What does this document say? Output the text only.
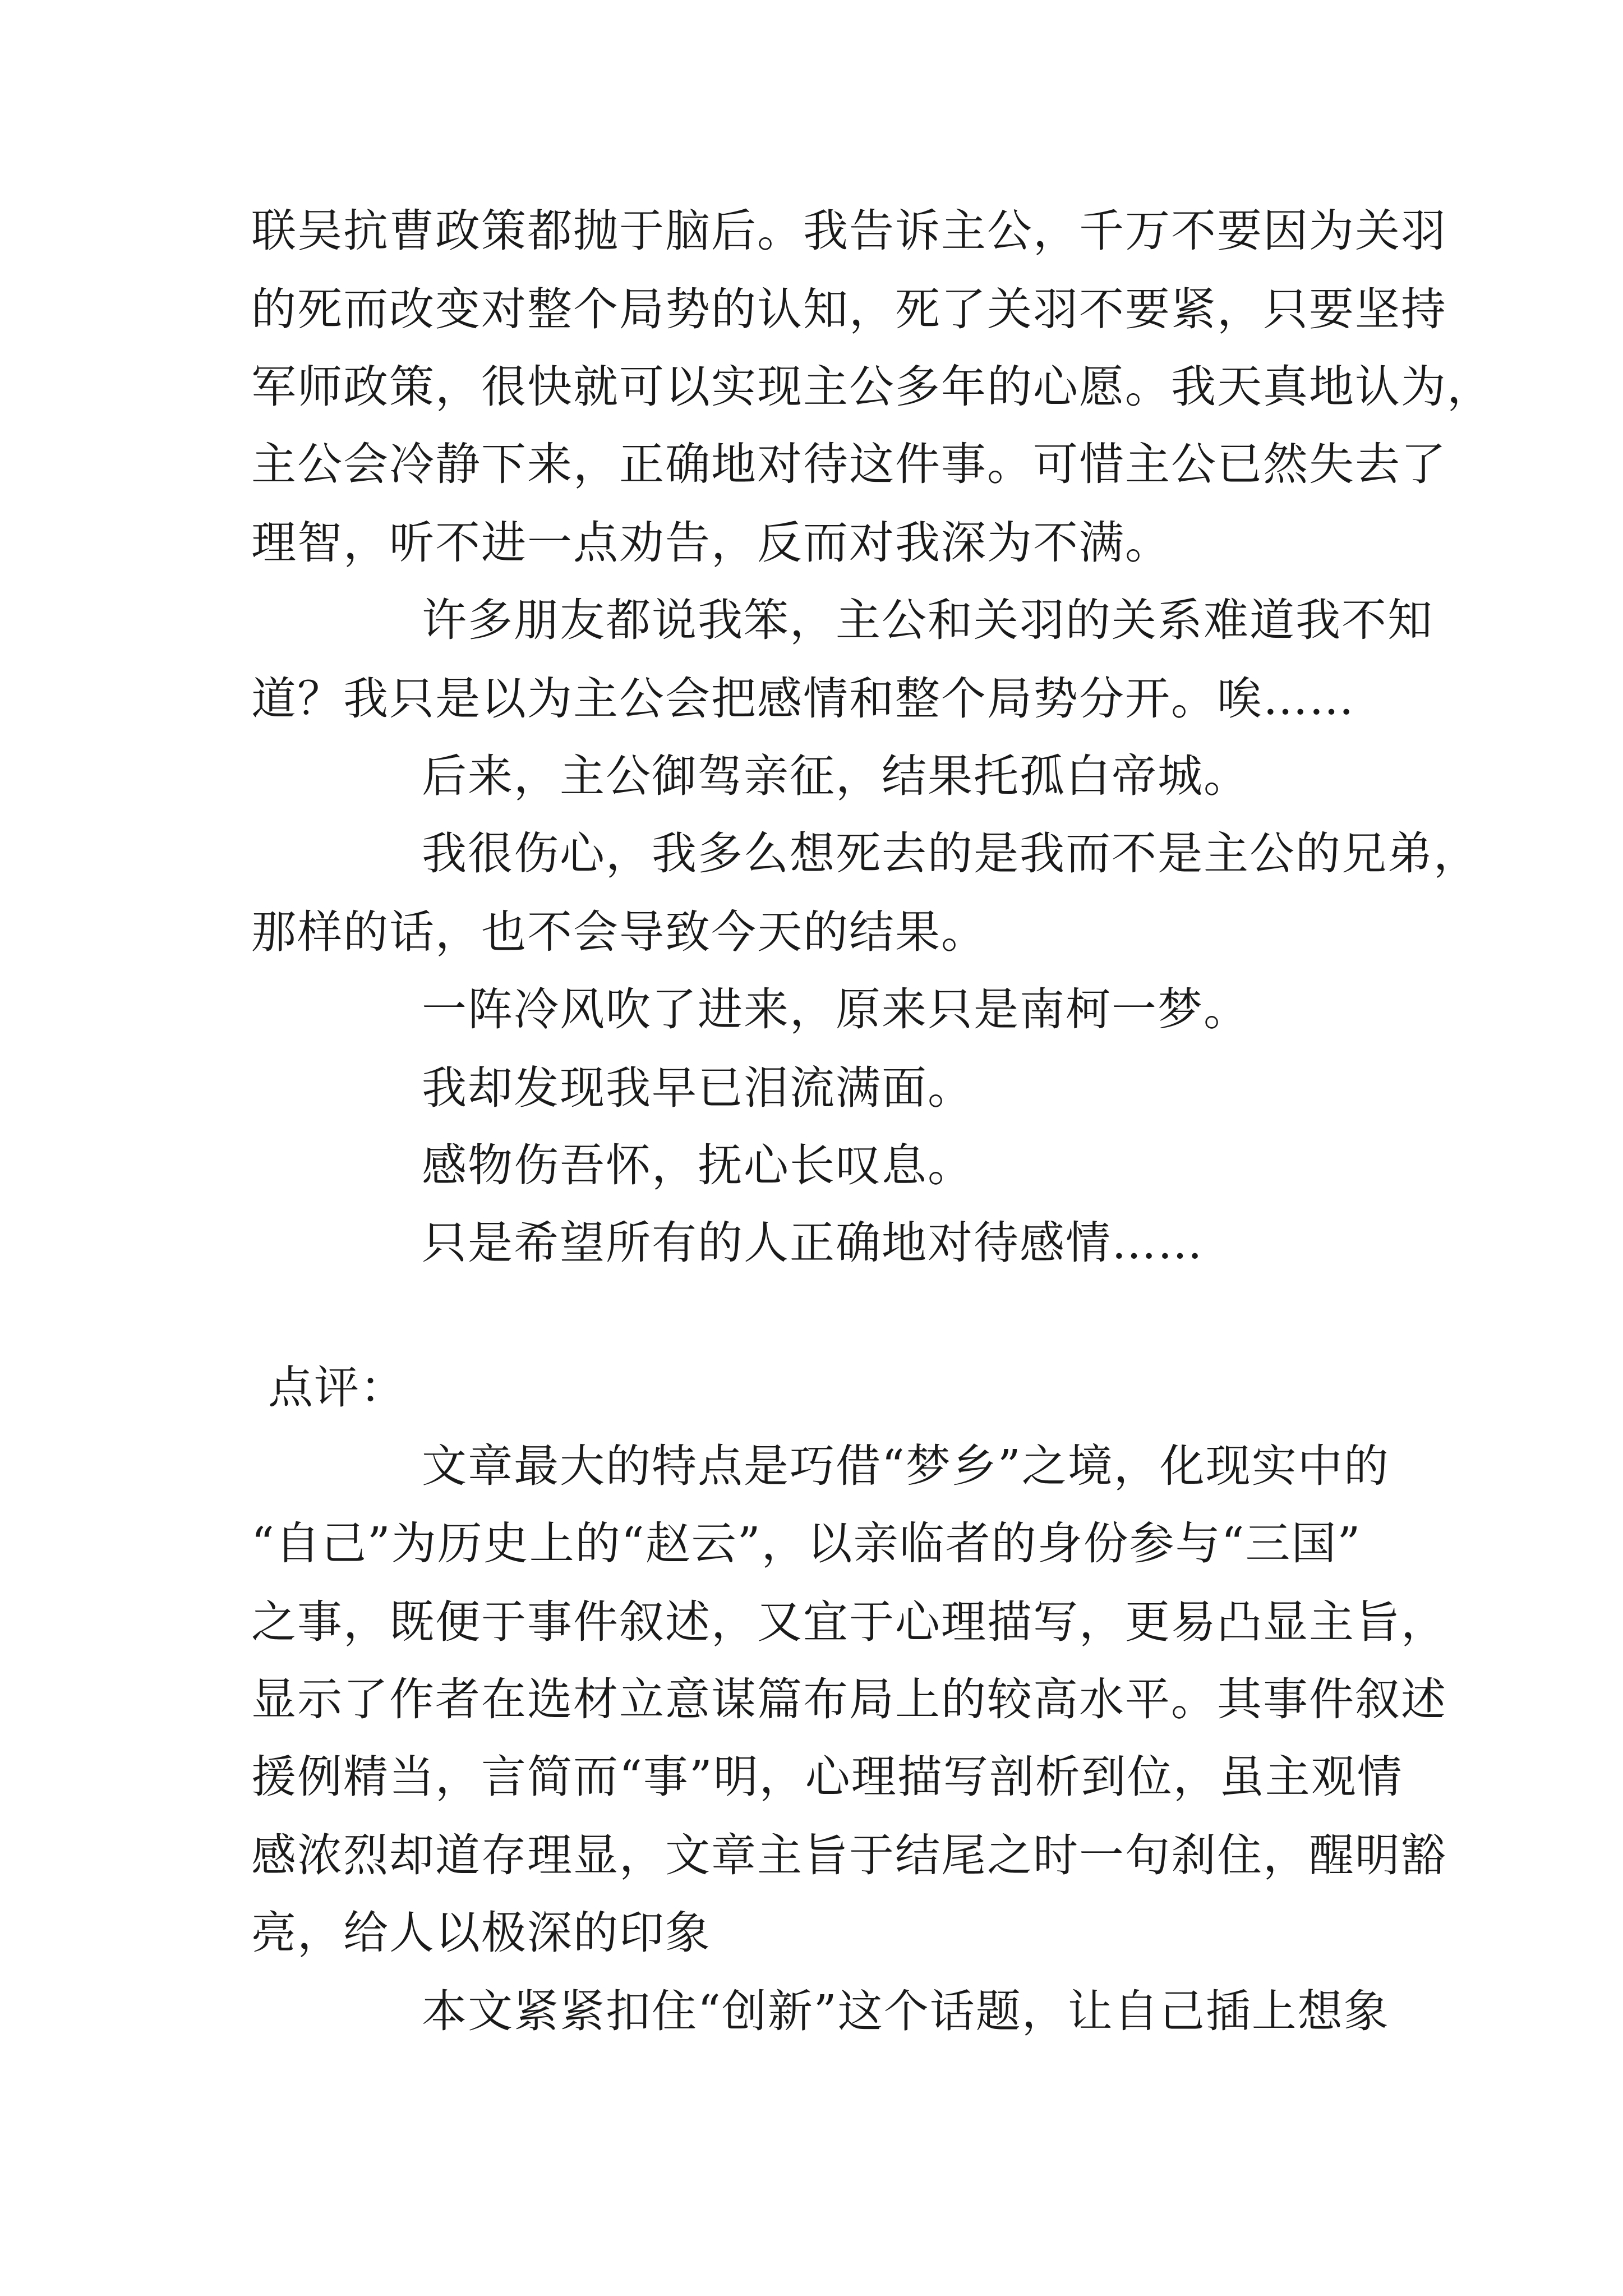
联吴抗曹政策都抛于脑后。我告诉主公，千万不要因为关羽
的死而改变对整个局势的认知，死了关羽不要紧，只要坚持
军师政策，很快就可以实现主公多年的心愿。我天真地认为，
主公会冷静下来，正确地对待这件事。可惜主公已然失去了
理智，听不进一点劝告，反而对我深为不满。
许多朋友都说我笨，主公和关羽的关系难道我不知
道？我只是以为主公会把感情和整个局势分开。唉……
后来，主公御驾亲征，结果托孤白帝城。
我很伤心，我多么想死去的是我而不是主公的兄弟，
那样的话，也不会导致今天的结果。
一阵冷风吹了进来，原来只是南柯一梦。
我却发现我早已泪流满面。
感物伤吾怀，抚心长叹息。
只是希望所有的人正确地对待感情……
点评：
文章最大的特点是巧借“梦乡”之境，化现实中的
“自己”为历史上的“赵云”，以亲临者的身份参与“三国”
之事，既便于事件叙述，又宜于心理描写，更易凸显主旨，
显示了作者在选材立意谋篇布局上的较高水平。其事件叙述
援例精当，言简而“事”明，心理描写剖析到位，虽主观情
感浓烈却道存理显，文章主旨于结尾之时一句刹住，醒明豁
亮，给人以极深的印象
本文紧紧扣住“创新”这个话题，让自己插上想象
